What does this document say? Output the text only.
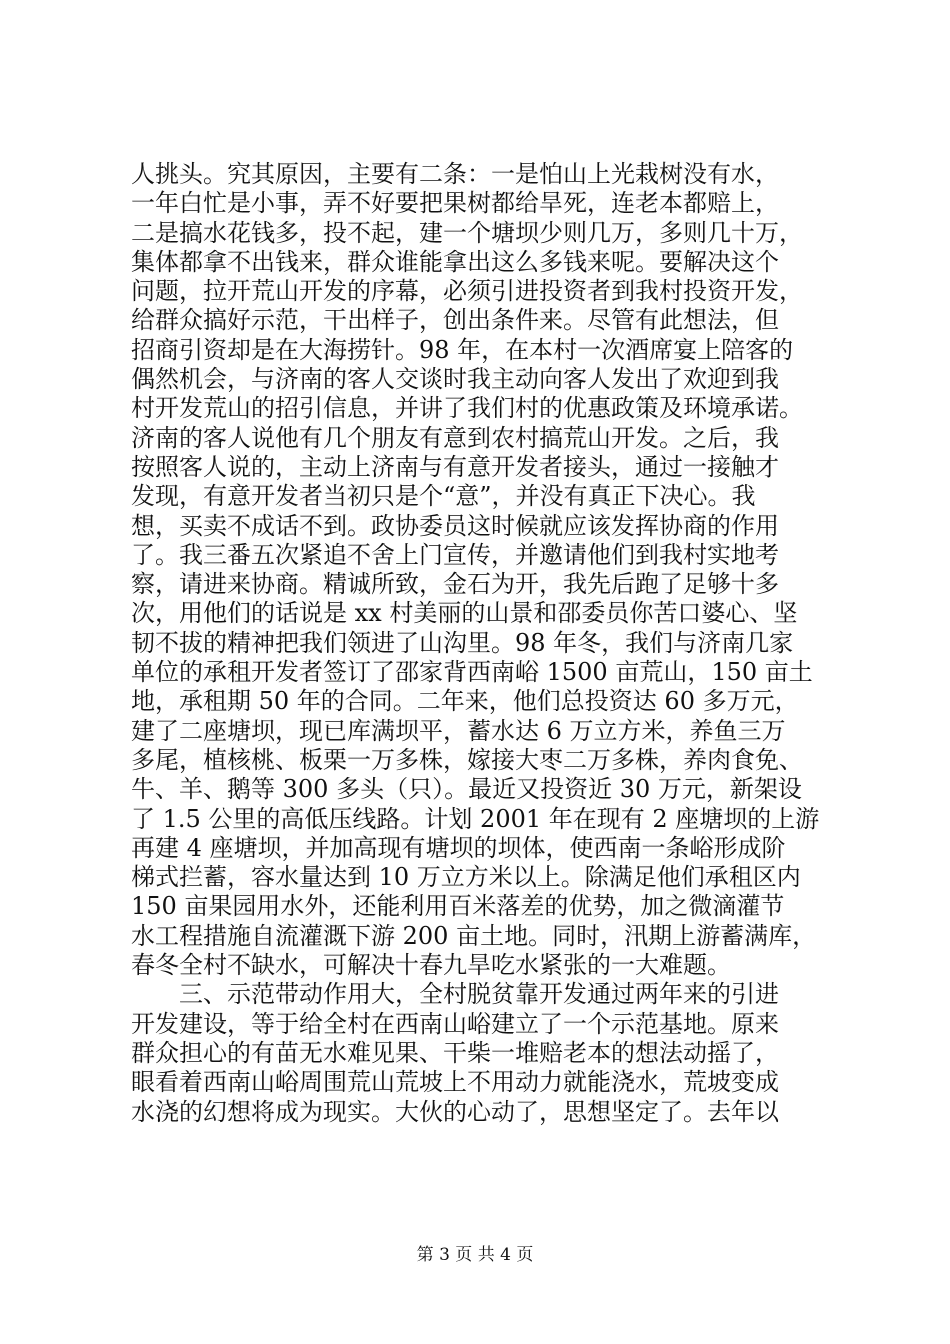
人挑头。究其原因，主要有二条：一是怕山上光栽树没有水，
一年白忙是小事，弄不好要把果树都给旱死，连老本都赔上，
二是搞水花钱多，投不起，建一个塘坝少则几万，多则几十万，
集体都拿不出钱来，群众谁能拿出这么多钱来呢。要解决这个
问题，拉开荒山开发的序幕，必须引进投资者到我村投资开发，
给群众搞好示范，干出样子，创出条件来。尽管有此想法，但
招商引资却是在大海捞针。98 年，在本村一次酒席宴上陪客的
偶然机会，与济南的客人交谈时我主动向客人发出了欢迎到我
村开发荒山的招引信息，并讲了我们村的优惠政策及环境承诺。
济南的客人说他有几个朋友有意到农村搞荒山开发。之后，我
按照客人说的，主动上济南与有意开发者接头，通过一接触才
发现，有意开发者当初只是个“意”，并没有真正下决心。我
想，买卖不成话不到。政协委员这时候就应该发挥协商的作用
了。我三番五次紧追不舍上门宣传，并邀请他们到我村实地考
察，请进来协商。精诚所致，金石为开，我先后跑了足够十多
次，用他们的话说是 xx 村美丽的山景和邵委员你苦口婆心、坚
韧不拔的精神把我们领进了山沟里。98 年冬，我们与济南几家
单位的承租开发者签订了邵家背西南峪 1500 亩荒山，150 亩土
地，承租期 50 年的合同。二年来，他们总投资达 60 多万元，
建了二座塘坝，现已库满坝平，蓄水达 6 万立方米，养鱼三万
多尾，植核桃、板栗一万多株，嫁接大枣二万多株，养肉食免、
牛、羊、鹅等 300 多头（只）。最近又投资近 30 万元，新架设
了 1.5 公里的高低压线路。计划 2001 年在现有 2 座塘坝的上游
再建 4 座塘坝，并加高现有塘坝的坝体，使西南一条峪形成阶
梯式拦蓄，容水量达到 10 万立方米以上。除满足他们承租区内
150 亩果园用水外，还能利用百米落差的优势，加之微滴灌节
水工程措施自流灌溉下游 200 亩土地。同时，汛期上游蓄满库，
春冬全村不缺水，可解决十春九旱吃水紧张的一大难题。
　　三、示范带动作用大，全村脱贫靠开发通过两年来的引进
开发建设，等于给全村在西南山峪建立了一个示范基地。原来
群众担心的有苗无水难见果、干柴一堆赔老本的想法动摇了，
眼看着西南山峪周围荒山荒坡上不用动力就能浇水，荒坡变成
水浇的幻想将成为现实。大伙的心动了，思想坚定了。去年以
第 3 页 共 4 页
